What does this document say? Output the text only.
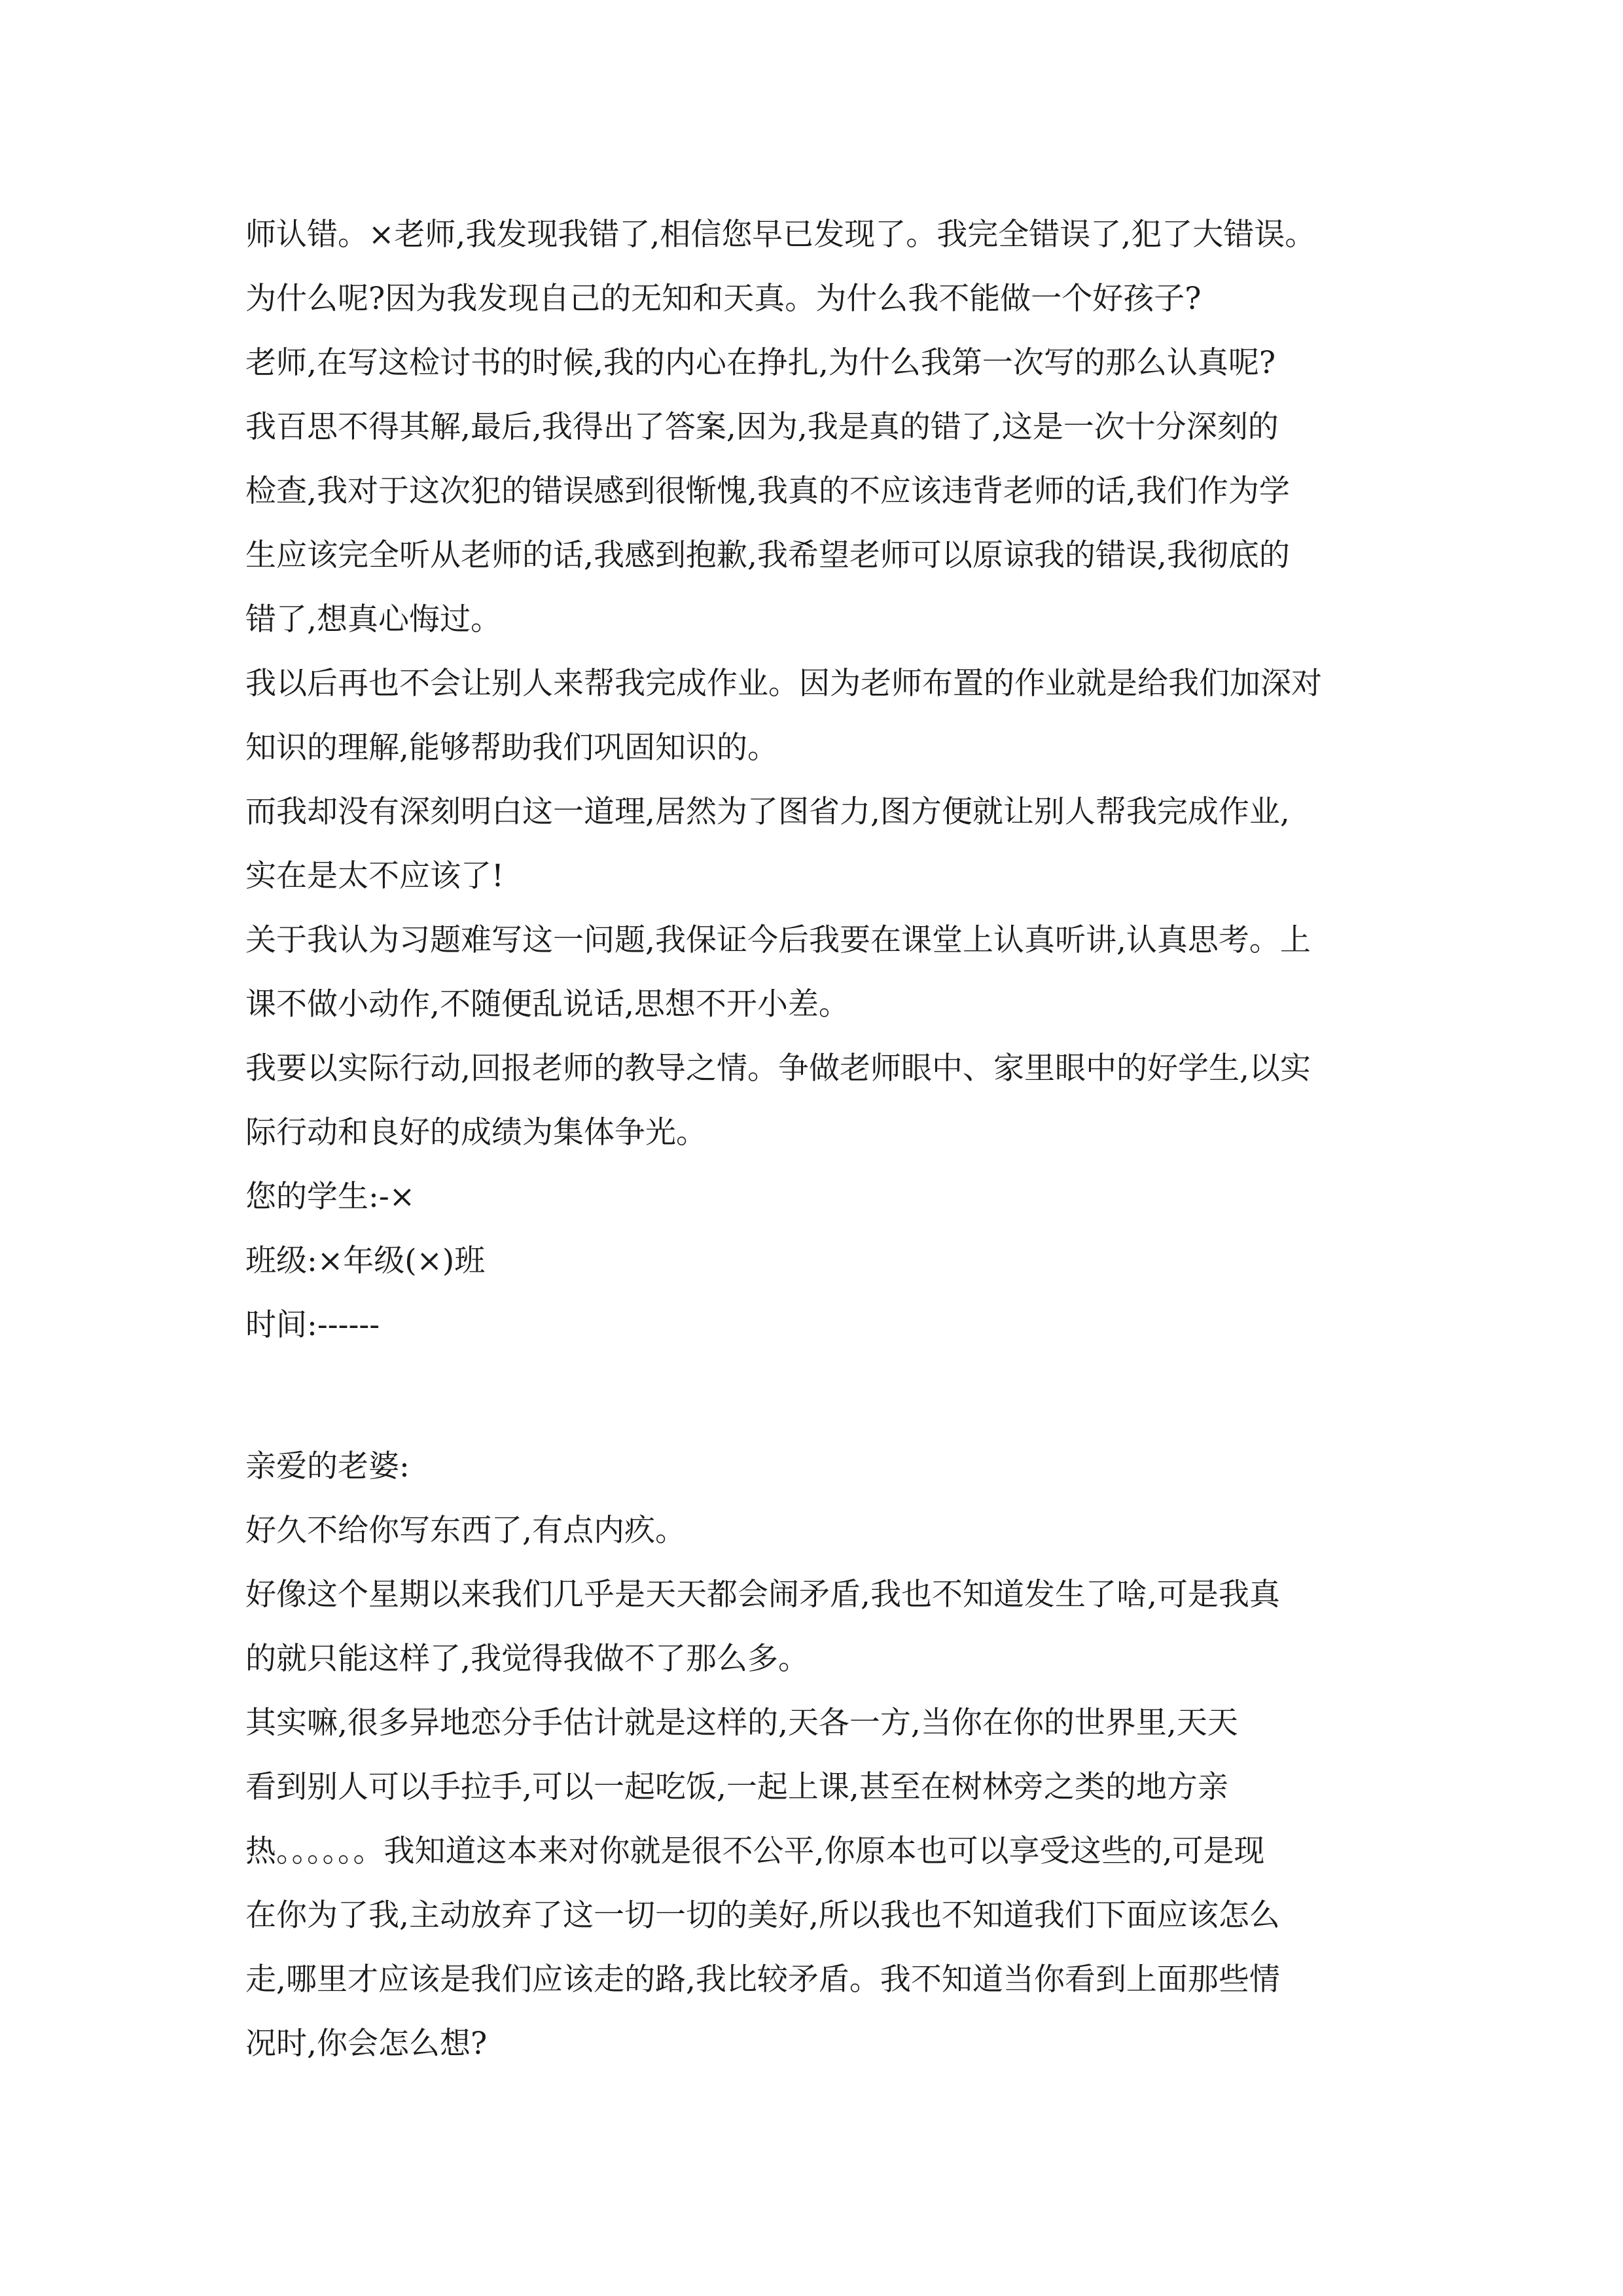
师认错。×老师,我发现我错了,相信您早已发现了。我完全错误了,犯了大错误。
为什么呢?因为我发现自己的无知和天真。为什么我不能做一个好孩子?
老师,在写这检讨书的时候,我的内心在挣扎,为什么我第一次写的那么认真呢?
我百思不得其解,最后,我得出了答案,因为,我是真的错了,这是一次十分深刻的
检查,我对于这次犯的错误感到很惭愧,我真的不应该违背老师的话,我们作为学
生应该完全听从老师的话,我感到抱歉,我希望老师可以原谅我的错误,我彻底的
错了,想真心悔过。
我以后再也不会让别人来帮我完成作业。因为老师布置的作业就是给我们加深对
知识的理解,能够帮助我们巩固知识的。
而我却没有深刻明白这一道理,居然为了图省力,图方便就让别人帮我完成作业,
实在是太不应该了!
关于我认为习题难写这一问题,我保证今后我要在课堂上认真听讲,认真思考。上
课不做小动作,不随便乱说话,思想不开小差。
我要以实际行动,回报老师的教导之情。争做老师眼中、家里眼中的好学生,以实
际行动和良好的成绩为集体争光。
您的学生:-×
班级:×年级(×)班
时间:------
亲爱的老婆:
好久不给你写东西了,有点内疚。
好像这个星期以来我们几乎是天天都会闹矛盾,我也不知道发生了啥,可是我真
的就只能这样了,我觉得我做不了那么多。
其实嘛,很多异地恋分手估计就是这样的,天各一方,当你在你的世界里,天天
看到别人可以手拉手,可以一起吃饭,一起上课,甚至在树林旁之类的地方亲
热。。。。。。我知道这本来对你就是很不公平,你原本也可以享受这些的,可是现
在你为了我,主动放弃了这一切一切的美好,所以我也不知道我们下面应该怎么
走,哪里才应该是我们应该走的路,我比较矛盾。我不知道当你看到上面那些情
况时,你会怎么想?
